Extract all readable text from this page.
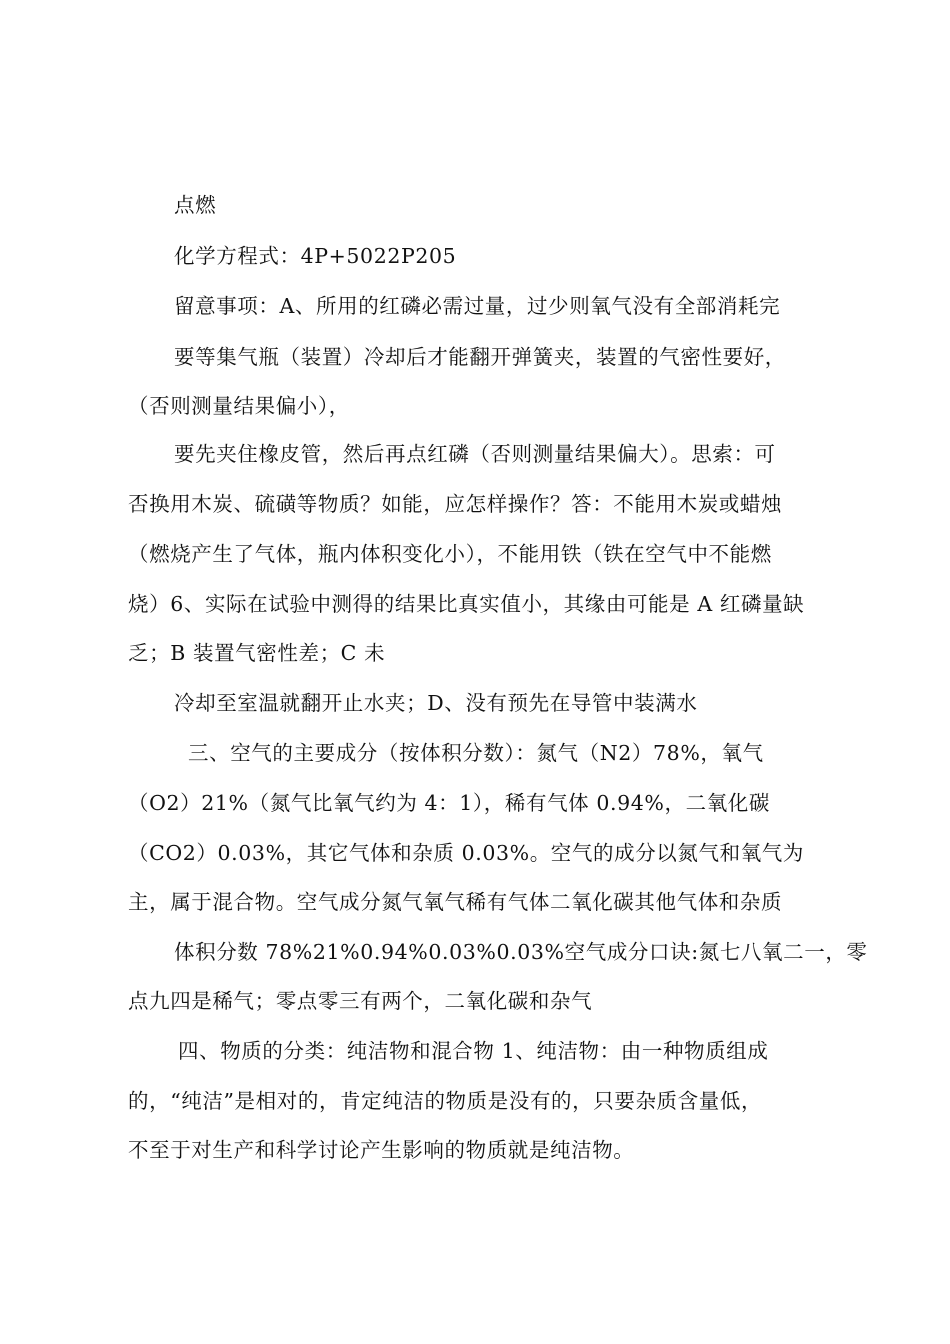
点燃
化学方程式：4P+5022P205
留意事项：A、所用的红磷必需过量，过少则氧气没有全部消耗完
要等集气瓶（装置）冷却后才能翻开弹簧夹，装置的气密性要好，
（否则测量结果偏小），
要先夹住橡皮管，然后再点红磷（否则测量结果偏大）。思索：可
否换用木炭、硫磺等物质？如能，应怎样操作？答：不能用木炭或蜡烛
（燃烧产生了气体，瓶内体积变化小），不能用铁（铁在空气中不能燃
烧）6、实际在试验中测得的结果比真实值小，其缘由可能是 A 红磷量缺
乏；B 装置气密性差；C 未
冷却至室温就翻开止水夹；D、没有预先在导管中装满水
三、空气的主要成分（按体积分数）：氮气（N2）78%，氧气
（O2）21%（氮气比氧气约为 4：1），稀有气体 0.94%，二氧化碳
（CO2）0.03%，其它气体和杂质 0.03%。空气的成分以氮气和氧气为
主，属于混合物。空气成分氮气氧气稀有气体二氧化碳其他气体和杂质
体积分数 78%21%0.94%0.03%0.03%空气成分口诀:氮七八氧二一，零
点九四是稀气；零点零三有两个，二氧化碳和杂气
四、物质的分类：纯洁物和混合物 1、纯洁物：由一种物质组成
的，“纯洁”是相对的，肯定纯洁的物质是没有的，只要杂质含量低，
不至于对生产和科学讨论产生影响的物质就是纯洁物。
